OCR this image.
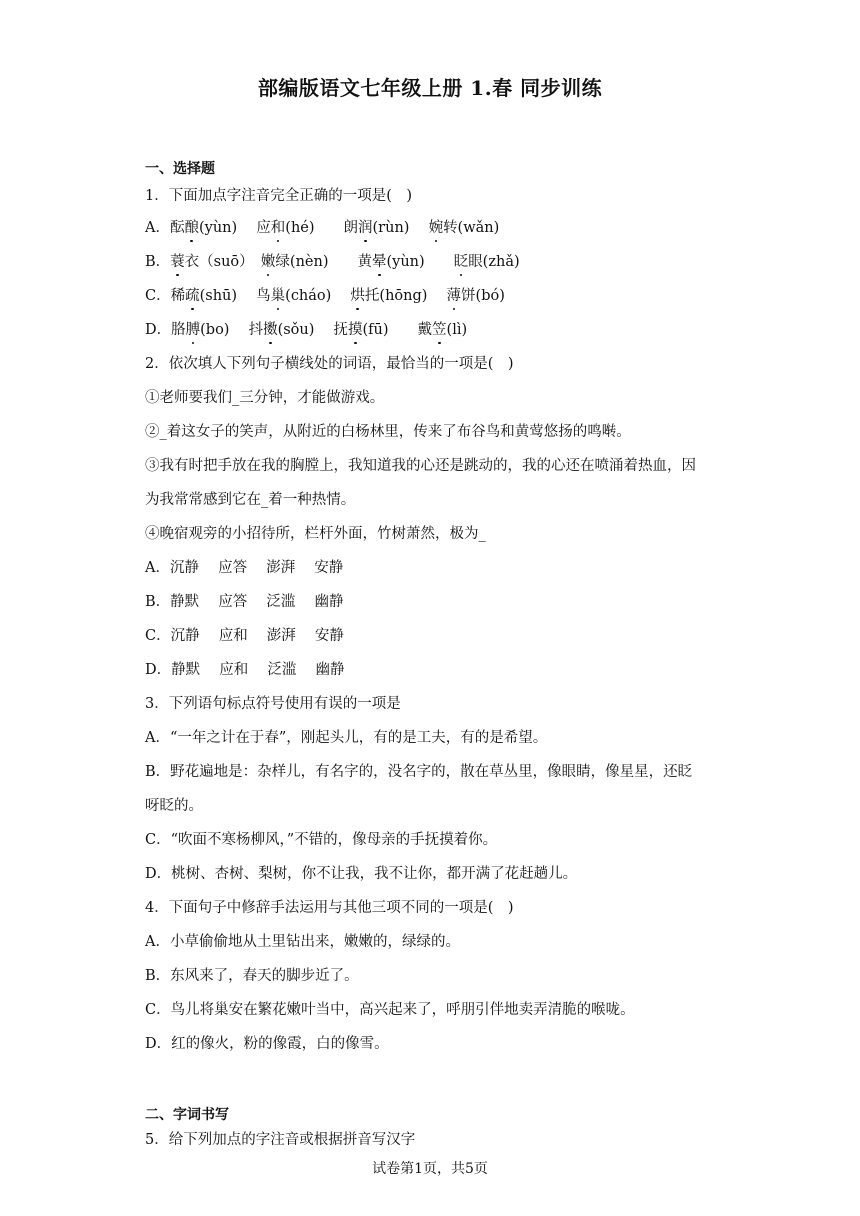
部编版语文七年级上册 1.春 同步训练
一、选择题
1．下面加点字注音完全正确的一项是(　)
A．酝酿(yùn)　 应和(hé)　　朗润(rùn)　 婉转(wǎn)
B．蓑衣（suō）　嫩绿(nèn)　　黄晕(yùn)　　眨眼(zhǎ)
C．稀疏(shū)　 鸟巢(cháo)　 烘托(hōng)　 薄饼(bó)
D．胳膊(bo)　 抖擞(sǒu)　 抚摸(fū)　　戴笠(lì)
2．依次填人下列句子横线处的词语，最恰当的一项是(　)
①老师要我们_三分钟，才能做游戏。
②_着这女子的笑声，从附近的白杨林里，传来了布谷鸟和黄莺悠扬的鸣啭。
③我有时把手放在我的胸膛上，我知道我的心还是跳动的，我的心还在喷涌着热血，因
为我常常感到它在_着一种热情。
④晚宿观旁的小招待所，栏杆外面，竹树萧然，极为_
A．沉静　 应答　 澎湃　 安静
B．静默　 应答　 泛滥　 幽静
C．沉静　 应和　 澎湃　 安静
D．静默　 应和　 泛滥　 幽静
3．下列语句标点符号使用有误的一项是
A．“一年之计在于春”，刚起头儿，有的是工夫，有的是希望。
B．野花遍地是：杂样儿，有名字的，没名字的，散在草丛里，像眼睛，像星星，还眨
呀眨的。
C．“吹面不寒杨柳风，”不错的，像母亲的手抚摸着你。
D．桃树、杏树、梨树，你不让我，我不让你，都开满了花赶趟儿。
4．下面句子中修辞手法运用与其他三项不同的一项是(　)
A．小草偷偷地从土里钻出来，嫩嫩的，绿绿的。
B．东风来了，春天的脚步近了。
C．鸟儿将巢安在繁花嫩叶当中，高兴起来了，呼朋引伴地卖弄清脆的喉咙。
D．红的像火，粉的像霞，白的像雪。
二、字词书写
5．给下列加点的字注音或根据拼音写汉字
试卷第1页，共5页
